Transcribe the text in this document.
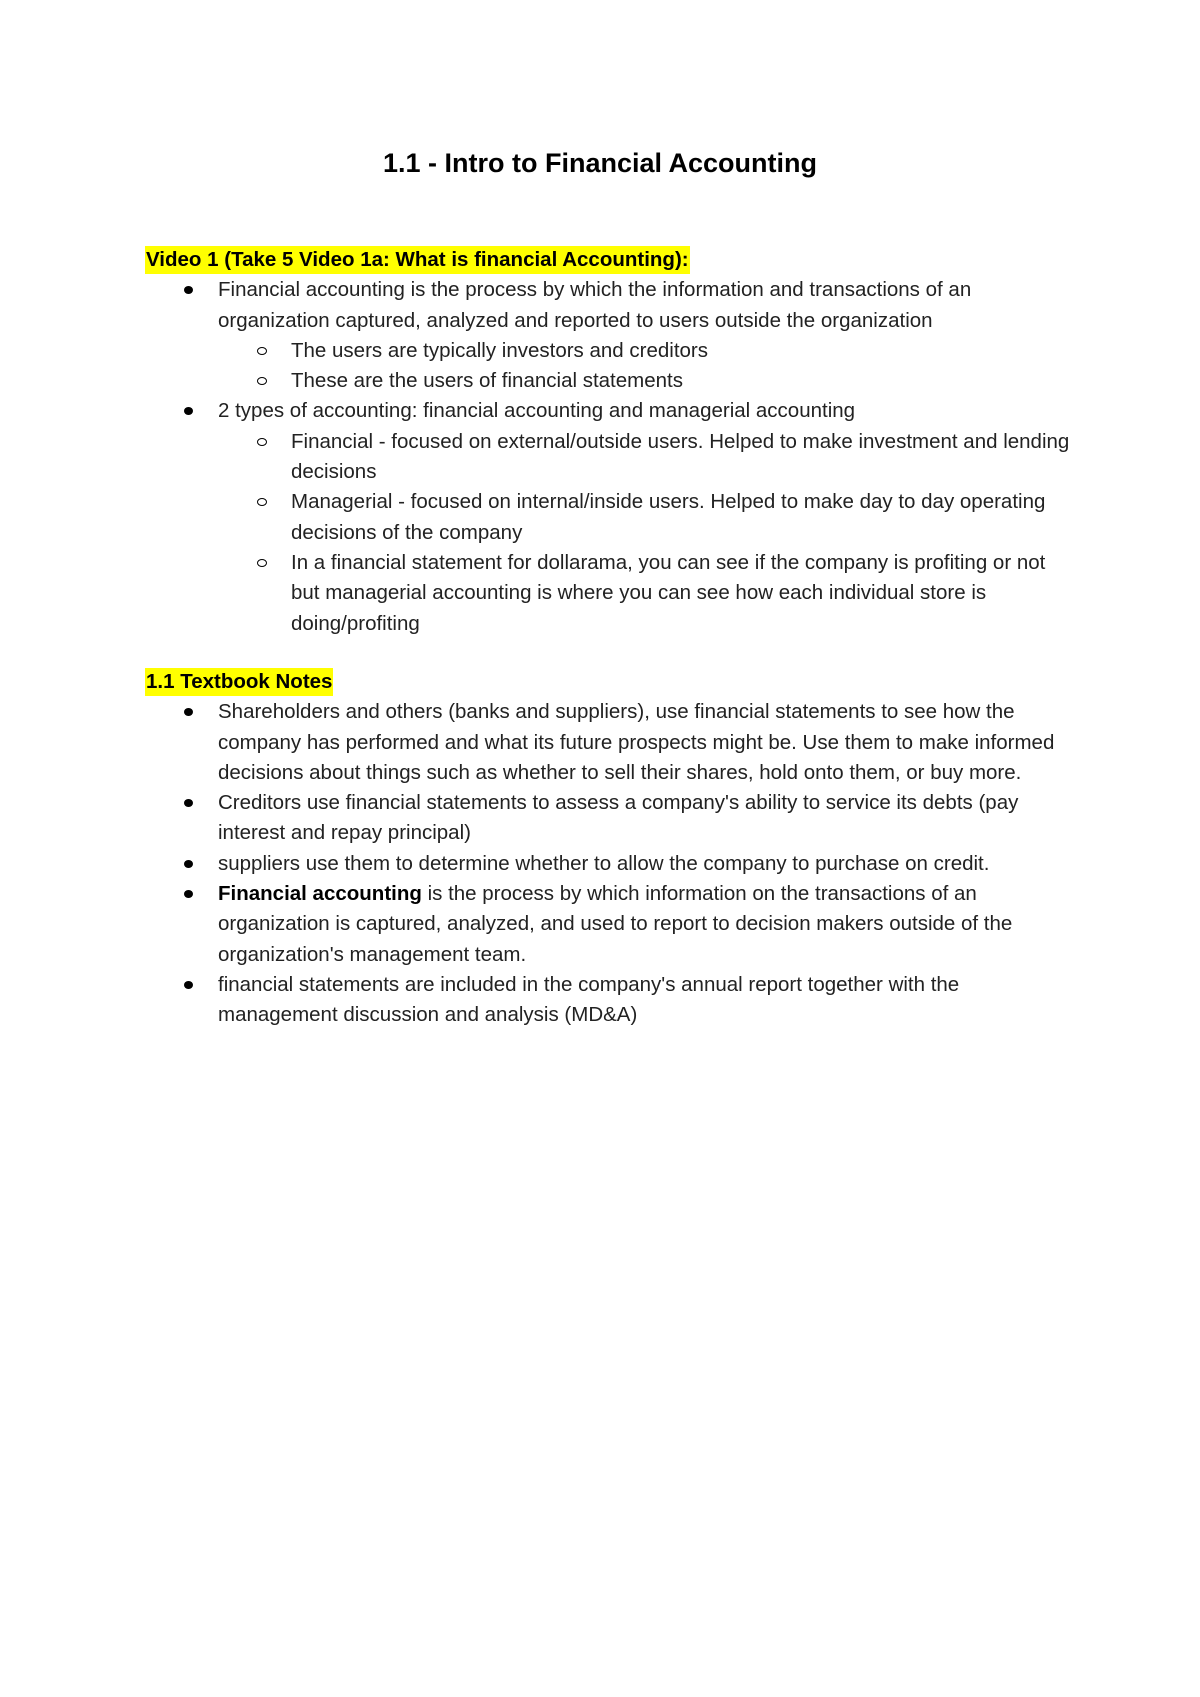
1.1 - Intro to Financial Accounting
Video 1 (Take 5 Video 1a: What is financial Accounting):
Financial accounting is the process by which the information and transactions of an organization captured, analyzed and reported to users outside the organization
The users are typically investors and creditors
These are the users of financial statements
2 types of accounting: financial accounting and managerial accounting
Financial - focused on external/outside users. Helped to make investment and lending decisions
Managerial - focused on internal/inside users. Helped to make day to day operating decisions of the company
In a financial statement for dollarama, you can see if the company is profiting or not but managerial accounting is where you can see how each individual store is doing/profiting
1.1 Textbook Notes
Shareholders and others (banks and suppliers), use financial statements to see how the company has performed and what its future prospects might be. Use them to make informed decisions about things such as whether to sell their shares, hold onto them, or buy more.
Creditors use financial statements to assess a company's ability to service its debts (pay interest and repay principal)
suppliers use them to determine whether to allow the company to purchase on credit.
Financial accounting is the process by which information on the transactions of an organization is captured, analyzed, and used to report to decision makers outside of the organization's management team.
financial statements are included in the company's annual report together with the management discussion and analysis (MD&A)
